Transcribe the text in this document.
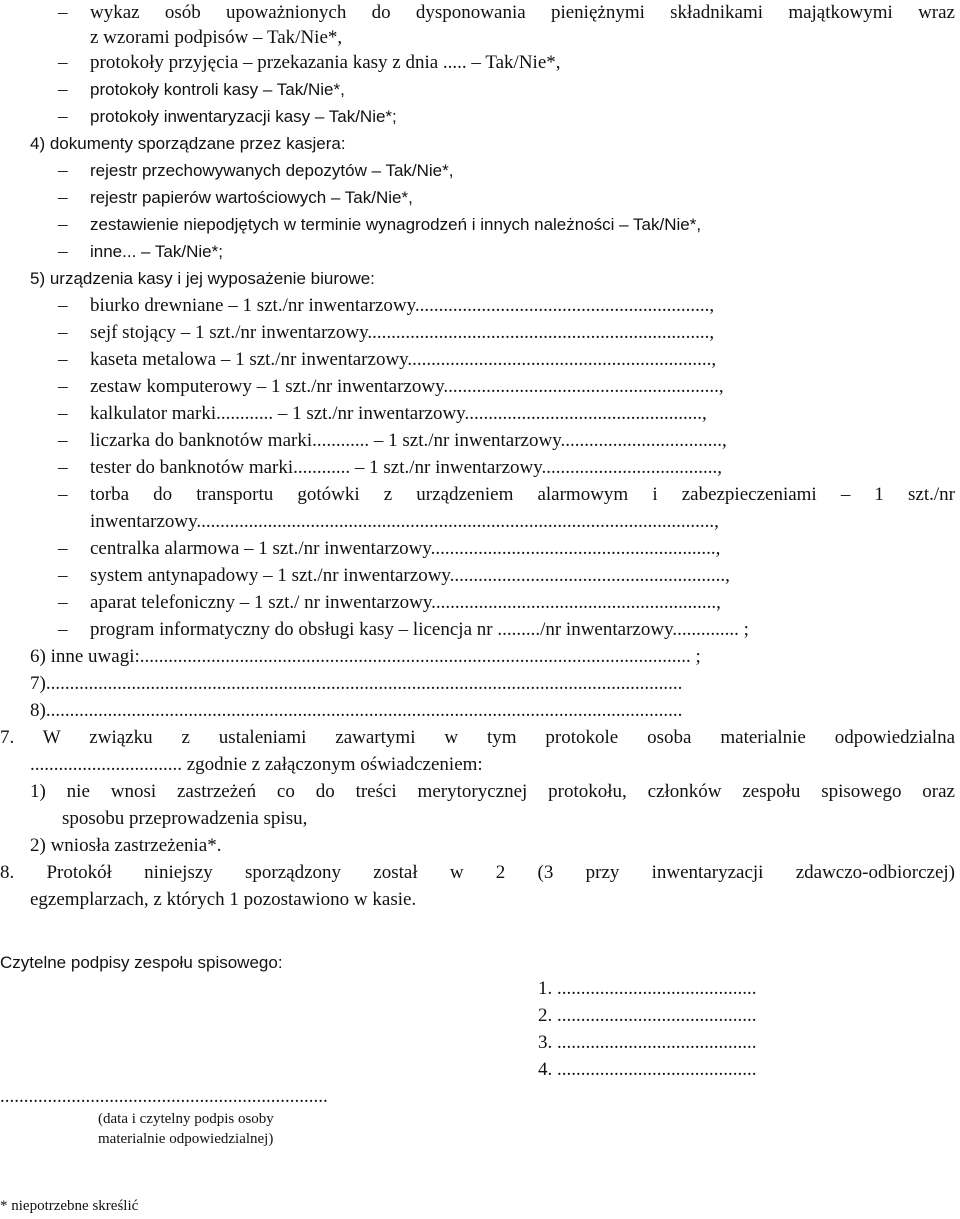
– wykaz osób upoważnionych do dysponowania pieniężnymi składnikami majątkowymi wraz
z wzorami podpisów – Tak/Nie*,
– protokoły przyjęcia – przekazania kasy z dnia ..... – Tak/Nie*,
– protokoły kontroli kasy – Tak/Nie*,
– protokoły inwentaryzacji kasy – Tak/Nie*;
4) dokumenty sporządzane przez kasjera:
– rejestr przechowywanych depozytów – Tak/Nie*,
– rejestr papierów wartościowych – Tak/Nie*,
– zestawienie niepodjętych w terminie wynagrodzeń i innych należności – Tak/Nie*,
– inne... – Tak/Nie*;
5) urządzenia kasy i jej wyposażenie biurowe:
– biurko drewniane – 1 szt./nr inwentarzowy..............................................................,
– sejf stojący – 1 szt./nr inwentarzowy........................................................................,
– kaseta metalowa – 1 szt./nr inwentarzowy................................................................,
– zestaw komputerowy – 1 szt./nr inwentarzowy..........................................................,
– kalkulator marki............ – 1 szt./nr inwentarzowy..................................................,
– liczarka do banknotów marki............ – 1 szt./nr inwentarzowy..................................,
– tester do banknotów marki............ – 1 szt./nr inwentarzowy.....................................,
– torba do transportu gotówki z urządzeniem alarmowym i zabezpieczeniami – 1 szt./nr
inwentarzowy.............................................................................................................,
– centralka alarmowa – 1 szt./nr inwentarzowy............................................................,
– system antynapadowy – 1 szt./nr inwentarzowy..........................................................,
– aparat telefoniczny – 1 szt./ nr inwentarzowy............................................................,
– program informatyczny do obsługi kasy – licencja nr ........./nr inwentarzowy.............. ;
6) inne uwagi:.................................................................................................................... ;
7)......................................................................................................................................
8)......................................................................................................................................
7. W związku z ustaleniami zawartymi w tym protokole osoba materialnie odpowiedzialna
................................ zgodnie z załączonym oświadczeniem:
1) nie wnosi zastrzeżeń co do treści merytorycznej protokołu, członków zespołu spisowego oraz
sposobu przeprowadzenia spisu,
2) wniosła zastrzeżenia*.
8. Protokół niniejszy sporządzony został w 2 (3 przy inwentaryzacji zdawczo-odbiorczej)
egzemplarzach, z których 1 pozostawiono w kasie.
Czytelne podpisy zespołu spisowego:
1. ..........................................
2. ..........................................
3. ..........................................
4. ..........................................
.....................................................................
(data i czytelny podpis osoby
materialnie odpowiedzialnej)
* niepotrzebne skreślić
